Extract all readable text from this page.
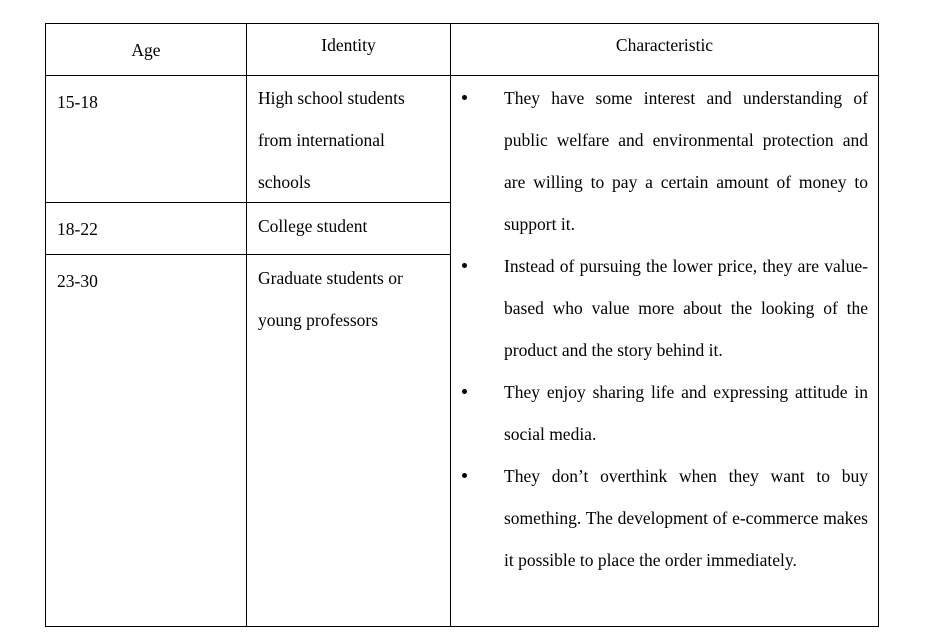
Age	Identity	Characteristic
15-18
18-22
23-30
High school students from international schools
College student
Graduate students or young professors
They have some interest and understanding of public welfare and environmental protection and are willing to pay a certain amount of money to support it.
Instead of pursuing the lower price, they are value-based who value more about the looking of the product and the story behind it.
They enjoy sharing life and expressing attitude in social media.
They don’t overthink when they want to buy something. The development of e-commerce makes it possible to place the order immediately.
